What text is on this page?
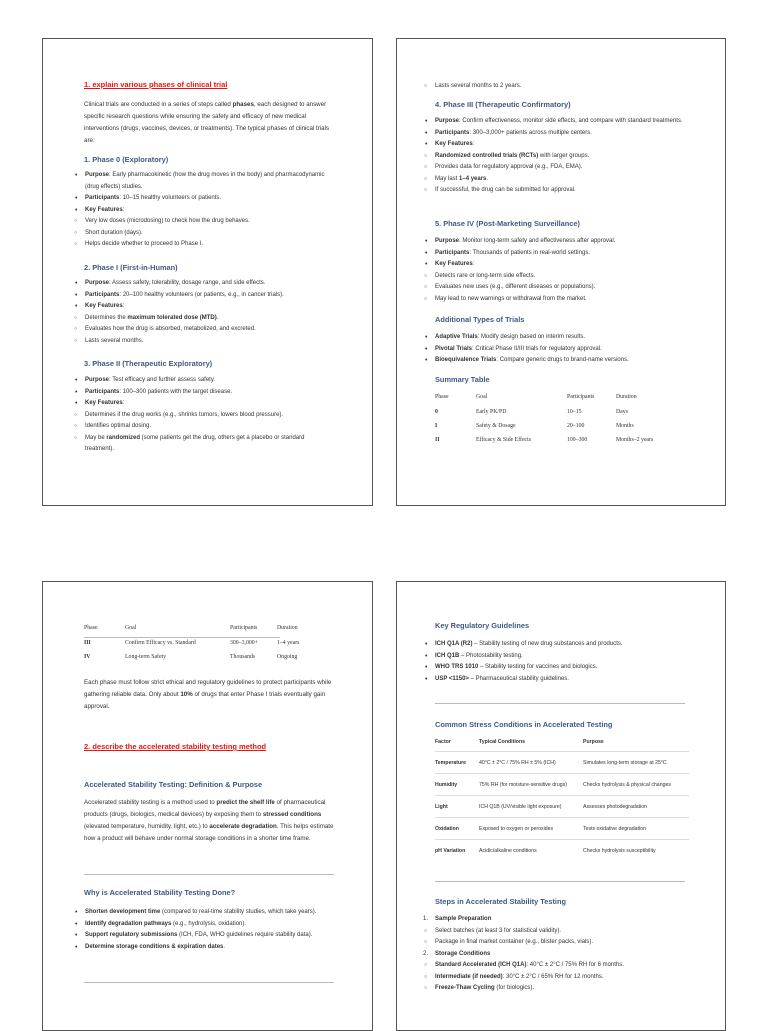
1. explain various phases of clinical trial

Clinical trials are conducted in a series of steps called phases, each designed to answer specific research questions while ensuring the safety and efficacy of new medical interventions (drugs, vaccines, devices, or treatments). The typical phases of clinical trials are:

1. Phase 0 (Exploratory)

• Purpose: Early pharmacokinetic (how the drug moves in the body) and pharmacodynamic (drug effects) studies.
• Participants: 10–15 healthy volunteers or patients.
• Key Features:
○ Very low doses (microdosing) to check how the drug behaves.
○ Short duration (days).
○ Helps decide whether to proceed to Phase I.

2. Phase I (First-in-Human)

• Purpose: Assess safety, tolerability, dosage range, and side effects.
• Participants: 20–100 healthy volunteers (or patients, e.g., in cancer trials).
• Key Features:
○ Determines the maximum tolerated dose (MTD).
○ Evaluates how the drug is absorbed, metabolized, and excreted.
○ Lasts several months.

3. Phase II (Therapeutic Exploratory)

• Purpose: Test efficacy and further assess safety.
• Participants: 100–300 patients with the target disease.
• Key Features:
○ Determines if the drug works (e.g., shrinks tumors, lowers blood pressure).
○ Identifies optimal dosing.
○ May be randomized (some patients get the drug, others get a placebo or standard treatment).
○ Lasts several months to 2 years.

4. Phase III (Therapeutic Confirmatory)

• Purpose: Confirm effectiveness, monitor side effects, and compare with standard treatments.
• Participants: 300–3,000+ patients across multiple centers.
• Key Features:
○ Randomized controlled trials (RCTs) with larger groups.
○ Provides data for regulatory approval (e.g., FDA, EMA).
○ May last 1–4 years.
○ If successful, the drug can be submitted for approval.

5. Phase IV (Post-Marketing Surveillance)

• Purpose: Monitor long-term safety and effectiveness after approval.
• Participants: Thousands of patients in real-world settings.
• Key Features:
○ Detects rare or long-term side effects.
○ Evaluates new uses (e.g., different diseases or populations).
○ May lead to new warnings or withdrawal from the market.

Additional Types of Trials

• Adaptive Trials: Modify design based on interim results.
• Pivotal Trials: Critical Phase II/III trials for regulatory approval.
• Bioequivalence Trials: Compare generic drugs to brand-name versions.

Summary Table

Phase	Goal	Participants	Duration
0	Early PK/PD	10–15	Days
I	Safety & Dosage	20–100	Months
II	Efficacy & Side Effects	100–300	Months–2 years
Phase	Goal	Participants	Duration
III	Confirm Efficacy vs. Standard	300–3,000+	1–4 years
IV	Long-term Safety	Thousands	Ongoing

Each phase must follow strict ethical and regulatory guidelines to protect participants while gathering reliable data. Only about 10% of drugs that enter Phase I trials eventually gain approval.

2. describe the accelerated stability testing method

Accelerated Stability Testing: Definition & Purpose

Accelerated stability testing is a method used to predict the shelf life of pharmaceutical products (drugs, biologics, medical devices) by exposing them to stressed conditions (elevated temperature, humidity, light, etc.) to accelerate degradation. This helps estimate how a product will behave under normal storage conditions in a shorter time frame.

Why is Accelerated Stability Testing Done?

• Shorten development time (compared to real-time stability studies, which take years).
• Identify degradation pathways (e.g., hydrolysis, oxidation).
• Support regulatory submissions (ICH, FDA, WHO guidelines require stability data).
• Determine storage conditions & expiration dates.

Key Regulatory Guidelines

• ICH Q1A (R2) – Stability testing of new drug substances and products.
• ICH Q1B – Photostability testing.
• WHO TRS 1010 – Stability testing for vaccines and biologics.
• USP <1150> – Pharmaceutical stability guidelines.

Common Stress Conditions in Accelerated Testing

Factor	Typical Conditions	Purpose
Temperature	40°C ± 2°C / 75% RH ± 5% (ICH)	Simulates long-term storage at 25°C
Humidity	75% RH (for moisture-sensitive drugs)	Checks hydrolysis & physical changes
Light	ICH Q1B (UV/visible light exposure)	Assesses photodegradation
Oxidation	Exposed to oxygen or peroxides	Tests oxidative degradation
pH Variation	Acidic/alkaline conditions	Checks hydrolysis susceptibility

Steps in Accelerated Stability Testing

1. Sample Preparation
○ Select batches (at least 3 for statistical validity).
○ Package in final market container (e.g., blister packs, vials).
2. Storage Conditions
○ Standard Accelerated (ICH Q1A): 40°C ± 2°C / 75% RH for 6 months.
○ Intermediate (if needed): 30°C ± 2°C / 65% RH for 12 months.
○ Freeze-Thaw Cycling (for biologics).
